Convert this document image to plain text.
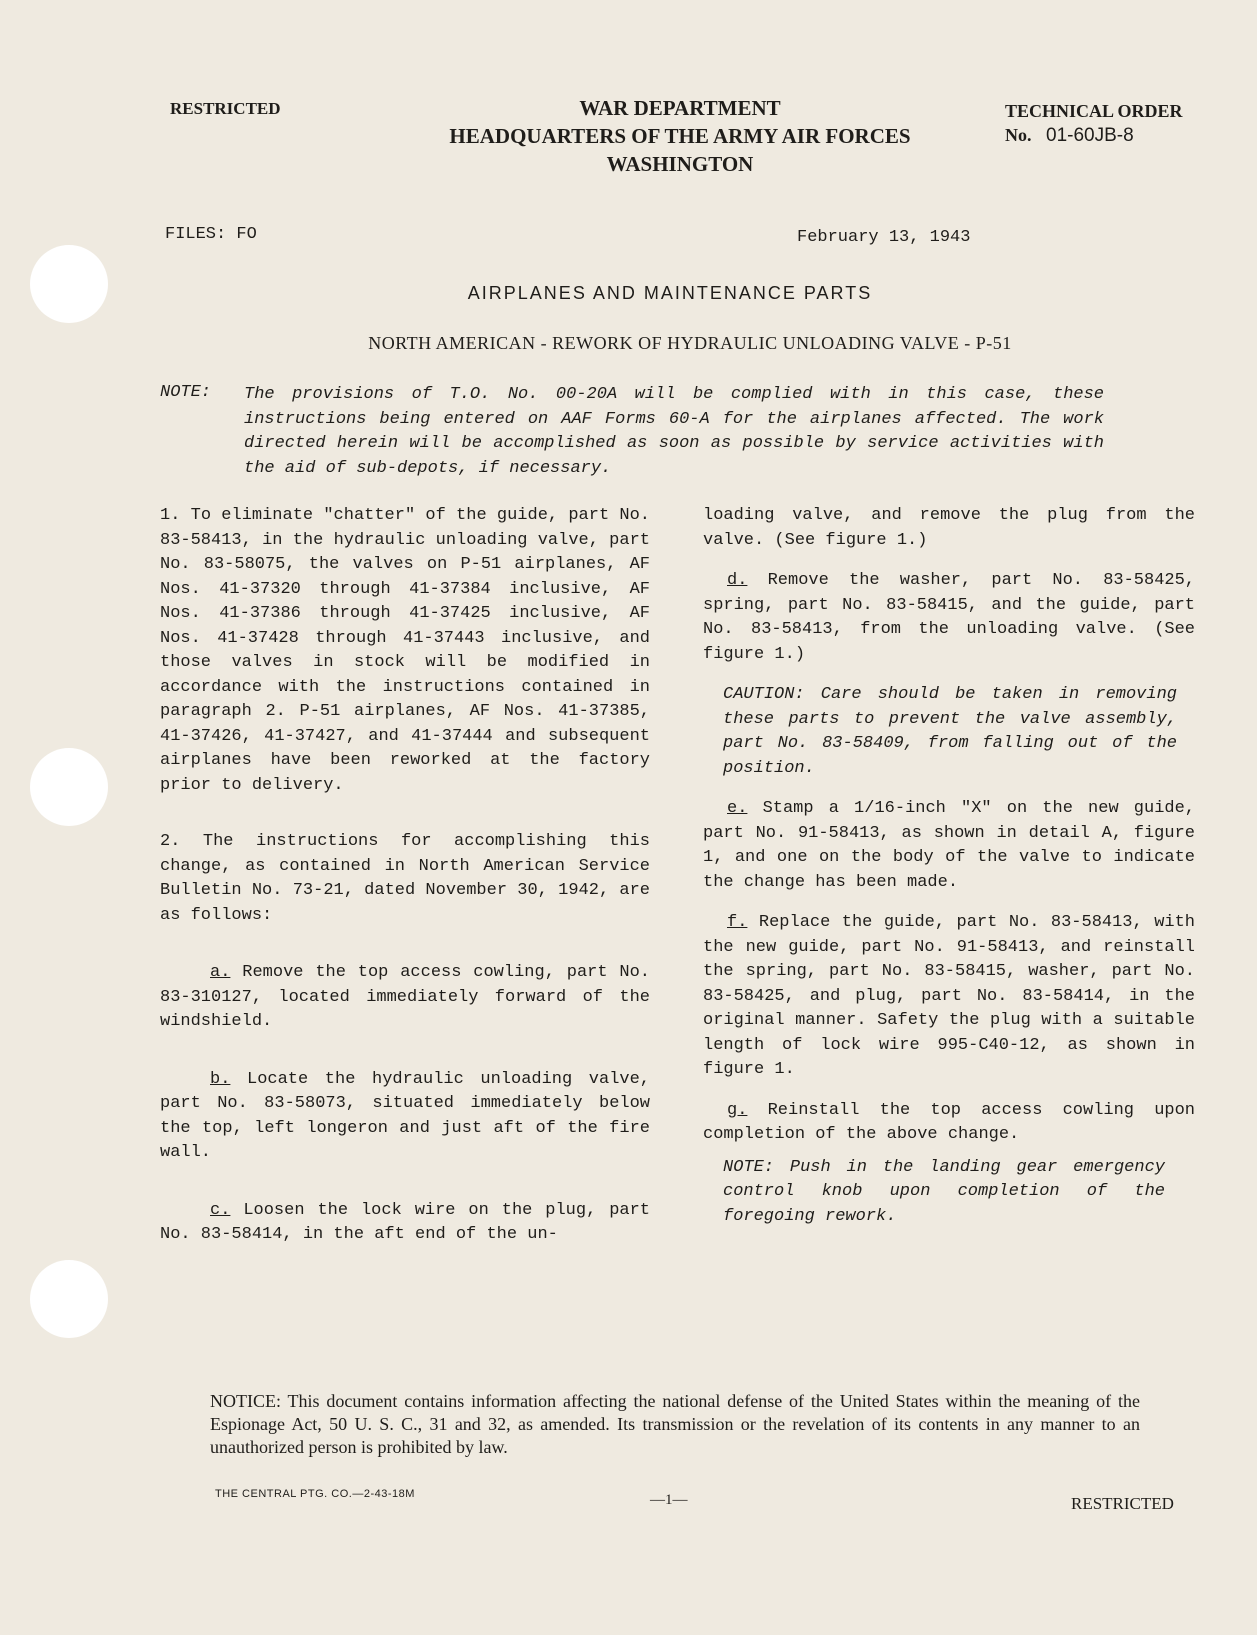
RESTRICTED	WAR DEPARTMENT
HEADQUARTERS OF THE ARMY AIR FORCES
WASHINGTON
TECHNICAL ORDER
No. 01-60JB-8
FILES: FO	February 13, 1943
AIRPLANES AND MAINTENANCE PARTS
NORTH AMERICAN - REWORK OF HYDRAULIC UNLOADING VALVE - P-51
NOTE: The provisions of T.O. No. 00-20A will be complied with in this case, these instructions being entered on AAF Forms 60-A for the airplanes affected. The work directed herein will be accomplished as soon as possible by service activities with the aid of sub-depots, if necessary.

1. To eliminate "chatter" of the guide, part No. 83-58413, in the hydraulic unloading valve, part No. 83-58075, the valves on P-51 airplanes, AF Nos. 41-37320 through 41-37384 inclusive, AF Nos. 41-37386 through 41-37425 inclusive, AF Nos. 41-37428 through 41-37443 inclusive, and those valves in stock will be modified in accordance with the instructions contained in paragraph 2. P-51 airplanes, AF Nos. 41-37385, 41-37426, 41-37427, and 41-37444 and subsequent airplanes have been reworked at the factory prior to delivery.

2. The instructions for accomplishing this change, as contained in North American Service Bulletin No. 73-21, dated November 30, 1942, are as follows:

a. Remove the top access cowling, part No. 83-310127, located immediately forward of the windshield.

b. Locate the hydraulic unloading valve, part No. 83-58073, situated immediately below the top, left longeron and just aft of the fire wall.

c. Loosen the lock wire on the plug, part No. 83-58414, in the aft end of the un-

loading valve, and remove the plug from the valve. (See figure 1.)

d. Remove the washer, part No. 83-58425, spring, part No. 83-58415, and the guide, part No. 83-58413, from the unloading valve. (See figure 1.)

CAUTION: Care should be taken in removing these parts to prevent the valve assembly, part No. 83-58409, from falling out of the position.

e. Stamp a 1/16-inch "X" on the new guide, part No. 91-58413, as shown in detail A, figure 1, and one on the body of the valve to indicate the change has been made.

f. Replace the guide, part No. 83-58413, with the new guide, part No. 91-58413, and reinstall the spring, part No. 83-58415, washer, part No. 83-58425, and plug, part No. 83-58414, in the original manner. Safety the plug with a suitable length of lock wire 995-C40-12, as shown in figure 1.

g. Reinstall the top access cowling upon completion of the above change.

NOTE: Push in the landing gear emergency control knob upon completion of the foregoing rework.

NOTICE: This document contains information affecting the national defense of the United States within the meaning of the Espionage Act, 50 U. S. C., 31 and 32, as amended. Its transmission or the revelation of its contents in any manner to an unauthorized person is prohibited by law.

THE CENTRAL PTG. CO.—2-43-18M	—1—	RESTRICTED
